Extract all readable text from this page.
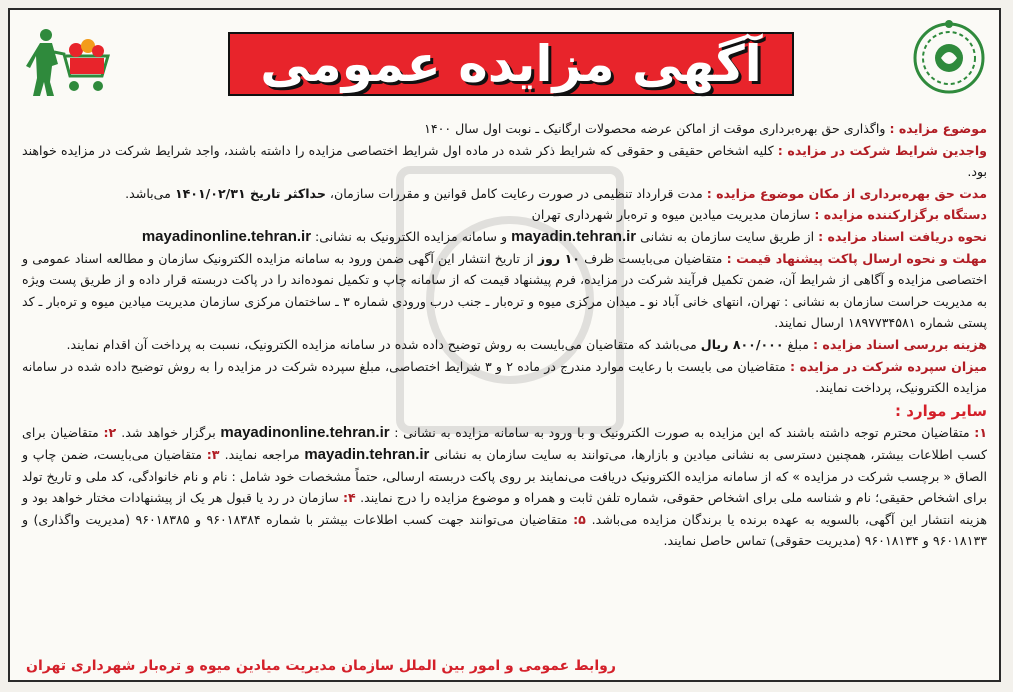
آگهی مزایده عمومی

موضوع مزایده : واگذاری حق بهره‌برداری موقت از اماکن عرضه محصولات ارگانیک ـ نوبت اول سال ۱۴۰۰

واجدین شرایط شرکت در مزایده : کلیه اشخاص حقیقی و حقوقی که شرایط ذکر شده در ماده اول شرایط اختصاصی مزایده را داشته باشند، واجد شرایط شرکت در مزایده خواهند بود.

مدت حق بهره‌برداری از مکان موضوع مزایده : مدت قرارداد تنظیمی در صورت رعایت کامل قوانین و مقررات سازمان، حداکثر تاریخ ۱۴۰۱/۰۲/۳۱ می‌باشد.

دستگاه برگزارکننده مزایده : سازمان مدیریت میادین میوه و تره‌بار شهرداری تهران

نحوه دریافت اسناد مزایده : از طریق سایت سازمان به نشانی mayadin.tehran.ir و سامانه مزایده الکترونیک به نشانی: mayadinonline.tehran.ir

مهلت و نحوه ارسال پاکت پیشنهاد قیمت : متقاضیان می‌بایست ظرف ۱۰ روز از تاریخ انتشار این آگهی ضمن ورود به سامانه مزایده الکترونیک سازمان و مطالعه اسناد عمومی و اختصاصی مزایده و آگاهی از شرایط آن، ضمن تکمیل فرآیند شرکت در مزایده، فرم پیشنهاد قیمت که از سامانه چاپ و تکمیل نموده‌اند را در پاکت دربسته قرار داده و از طریق پست ویژه به مدیریت حراست سازمان به نشانی : تهران، انتهای خانی آباد نو ـ میدان مرکزی میوه و تره‌بار ـ جنب درب ورودی شماره ۳ ـ ساختمان مرکزی سازمان مدیریت میادین میوه و تره‌بار ـ کد پستی شماره ۱۸۹۷۷۳۴۵۸۱ ارسال نمایند.

هزینه بررسی اسناد مزایده : مبلغ ۸۰۰/۰۰۰ ریال می‌باشد که متقاضیان می‌بایست به روش توضیح داده شده در سامانه مزایده الکترونیک، نسبت به پرداخت آن اقدام نمایند.

میزان سپرده شرکت در مزایده : متقاضیان می بایست با رعایت موارد مندرج در ماده ۲ و ۳ شرایط اختصاصی، مبلغ سپرده شرکت در مزایده را به روش توضیح داده شده در سامانه مزایده الکترونیک، پرداخت نمایند.

سایر موارد :

۱: متقاضیان محترم توجه داشته باشند که این مزایده به صورت الکترونیک و با ورود به سامانه مزایده به نشانی : mayadinonline.tehran.ir برگزار خواهد شد. ۲: متقاضیان برای کسب اطلاعات بیشتر، همچنین دسترسی به نشانی میادین و بازارها، می‌توانند به سایت سازمان به نشانی mayadin.tehran.ir مراجعه نمایند. ۳: متقاضیان می‌بایست، ضمن چاپ و الصاق « برچسب شرکت در مزایده » که از سامانه مزایده الکترونیک دریافت می‌نمایند بر روی پاکت دربسته ارسالی، حتماً مشخصات خود شامل : نام و نام خانوادگی، کد ملی و تاریخ تولد برای اشخاص حقیقی؛ نام و شناسه ملی برای اشخاص حقوقی، شماره تلفن ثابت و همراه و موضوع مزایده را درج نمایند. ۴: سازمان در رد یا قبول هر یک از پیشنهادات مختار خواهد بود و هزینه انتشار این آگهی، بالسویه به عهده برنده یا برندگان مزایده می‌باشد. ۵: متقاضیان می‌توانند جهت کسب اطلاعات بیشتر با شماره ۹۶۰۱۸۳۸۴ و ۹۶۰۱۸۳۸۵ (مدیریت واگذاری) و ۹۶۰۱۸۱۳۳ و ۹۶۰۱۸۱۳۴ (مدیریت حقوقی) تماس حاصل نمایند.

روابط عمومی و امور بین الملل سازمان مدیریت میادین میوه و تره‌بار شهرداری تهران
